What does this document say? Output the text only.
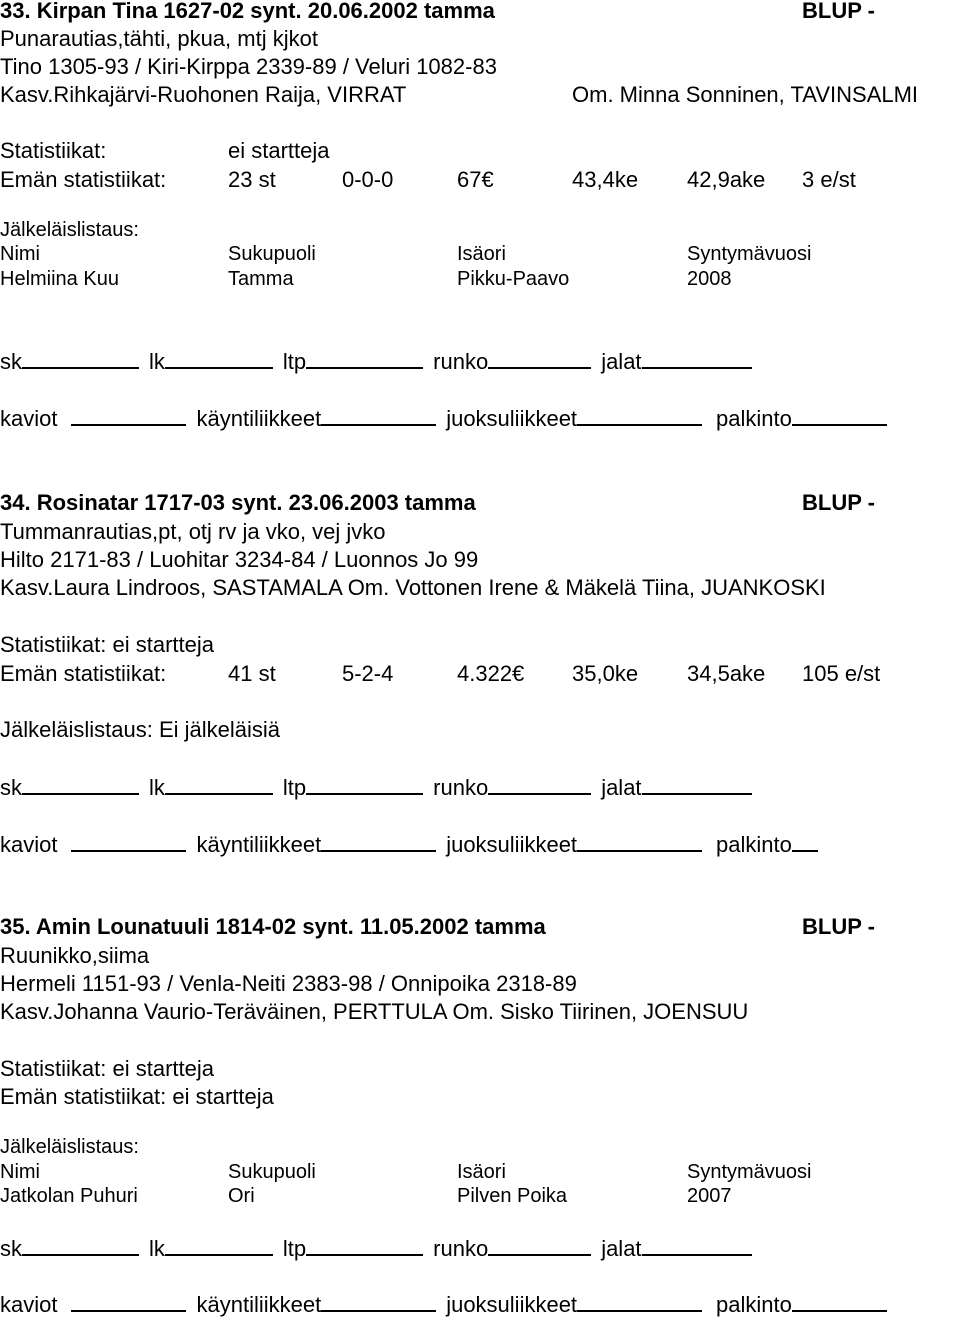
33. Kirpan Tina 1627-02 synt. 20.06.2002 tamma	BLUP -
Punarautias,tähti, pkua, mtj kjkot
Tino 1305-93 / Kiri-Kirppa 2339-89 / Veluri 1082-83
Kasv.Rihkajärvi-Ruohonen Raija, VIRRAT	Om. Minna Sonninen, TAVINSALMI
Statistiikat:	ei startteja
Emän statistiikat:	23 st	0-0-0	67€	43,4ke 42,9ake 3 e/st
Jälkeläislistaus:
Nimi	Sukupuoli	Isäori	Syntymävuosi
Helmiina Kuu	Tamma	Pikku-Paavo	2008
sk	lk	ltp	runko	jalat
kaviot	käyntiliikkeet	juoksuliikkeet	palkinto
34. Rosinatar 1717-03 synt. 23.06.2003 tamma	BLUP -
Tummanrautias,pt, otj rv ja vko, vej jvko
Hilto 2171-83 / Luohitar 3234-84 / Luonnos Jo 99
Kasv.Laura Lindroos, SASTAMALA Om. Vottonen Irene & Mäkelä Tiina, JUANKOSKI
Statistiikat: ei startteja
Emän statistiikat:	41 st	5-2-4	4.322€ 35,0ke 34,5ake 105 e/st
Jälkeläislistaus: Ei jälkeläisiä
sk	lk	ltp	runko	jalat
kaviot	käyntiliikkeet	juoksuliikkeet	palkinto
35. Amin Lounatuuli 1814-02 synt. 11.05.2002 tamma	BLUP -
Ruunikko,siima
Hermeli 1151-93 / Venla-Neiti 2383-98 / Onnipoika 2318-89
Kasv.Johanna Vaurio-Teräväinen, PERTTULA Om. Sisko Tiirinen, JOENSUU
Statistiikat: ei startteja
Emän statistiikat: ei startteja
Jälkeläislistaus:
Nimi	Sukupuoli	Isäori	Syntymävuosi
Jatkolan Puhuri	Ori	Pilven Poika	2007
sk	lk	ltp	runko	jalat
kaviot	käyntiliikkeet	juoksuliikkeet	palkinto
